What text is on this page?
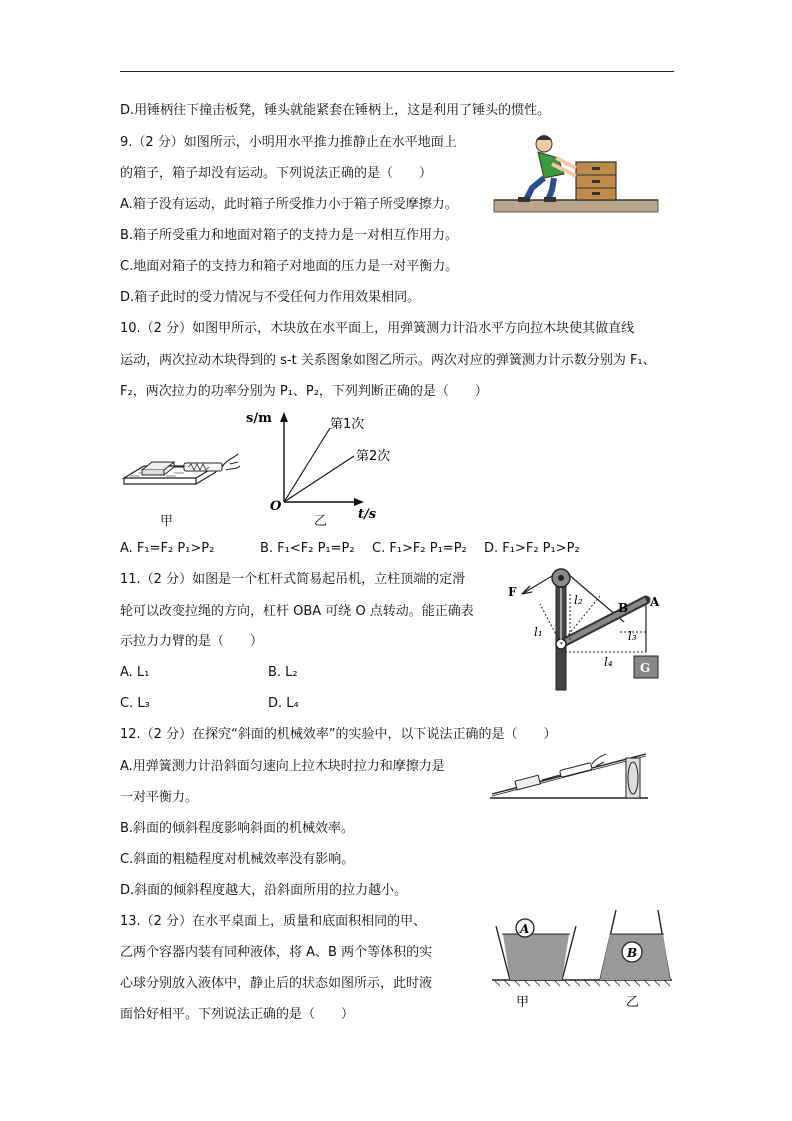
D.用锤柄往下撞击板凳，锤头就能紧套在锤柄上，这是利用了锤头的惯性。
9.（2 分）如图所示，小明用水平推力推静止在水平地面上
的箱子，箱子却没有运动。下列说法正确的是（　　）
A.箱子没有运动，此时箱子所受推力小于箱子所受摩擦力。
B.箱子所受重力和地面对箱子的支持力是一对相互作用力。
C.地面对箱子的支持力和箱子对地面的压力是一对平衡力。
D.箱子此时的受力情况与不受任何力作用效果相同。
10.（2 分）如图甲所示，木块放在水平面上，用弹簧测力计沿水平方向拉木块使其做直线
运动，两次拉动木块得到的 s-t 关系图象如图乙所示。两次对应的弹簧测力计示数分别为 F₁、
F₂，两次拉力的功率分别为 P₁、P₂，下列判断正确的是（　　）
甲
s/m
t/s
O
第1次
第2次
乙
A. F₁=F₂ P₁>P₂	B. F₁<F₂ P₁=P₂ C. F₁>F₂ P₁=P₂ D. F₁>F₂ P₁>P₂
11.（2 分）如图是一个杠杆式简易起吊机，立柱顶端的定滑
轮可以改变拉绳的方向，杠杆 OBA 可绕 O 点转动。能正确表
示拉力力臂的是（　　）
A. L₁	B. L₂
C. L₃	D. L₄
F
A
B
G
l₁
l₂
l₃
l₄
12.（2 分）在探究“斜面的机械效率”的实验中，以下说法正确的是（　　）
A.用弹簧测力计沿斜面匀速向上拉木块时拉力和摩擦力是
一对平衡力。
B.斜面的倾斜程度影响斜面的机械效率。
C.斜面的粗糙程度对机械效率没有影响。
D.斜面的倾斜程度越大，沿斜面所用的拉力越小。
13.（2 分）在水平桌面上，质量和底面积相同的甲、
乙两个容器内装有同种液体，将 A、B 两个等体积的实
心球分别放入液体中，静止后的状态如图所示，此时液
面恰好相平。下列说法正确的是（　　）
A
B
甲	乙
